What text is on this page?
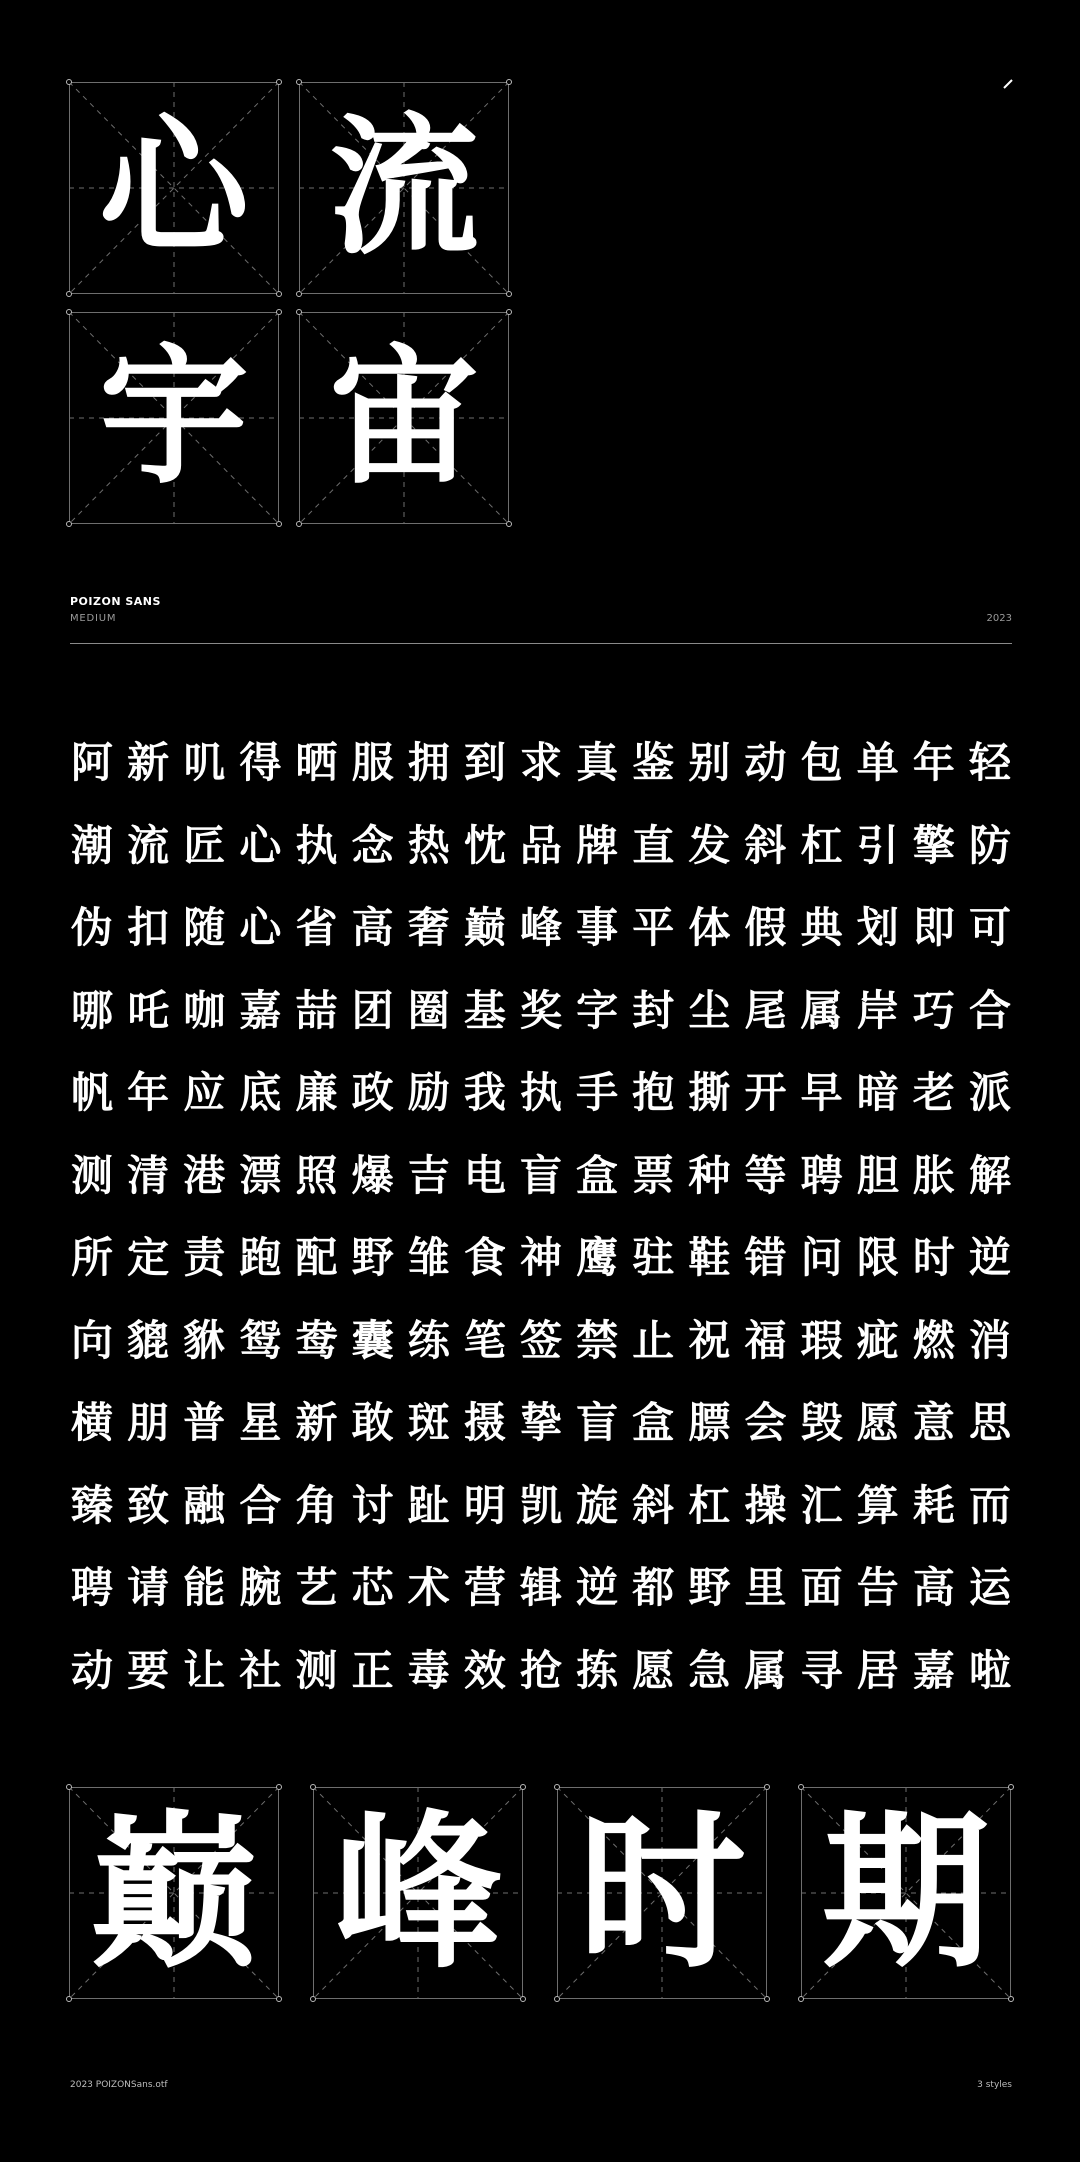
心 流
宇 宙
POIZON SANS
MEDIUM	2023
阿 新 叽 得 晒 服 拥 到 求 真 鉴 别 动 包 单 年 轻
潮 流 匠 心 执 念 热 忱 品 牌 直 发 斜 杠 引 擎 防
伪 扣 随 心 省 高 奢 巅 峰 事 平 体 假 典 划 即 可
哪 吒 咖 嘉 喆 团 圈 基 奖 字 封 尘 尾 属 岸 巧 合
帆 年 应 底 廉 政 励 我 执 手 抱 撕 开 早 暗 老 派
测 清 港 漂 照 爆 吉 电 盲 盒 票 种 等 聘 胆 胀 解
所 定 责 跑 配 野 雏 食 神 鹰 驻 鞋 错 问 限 时 逆
向 貔 貅 鸳 鸯 囊 练 笔 签 禁 止 祝 福 瑕 疵 燃 消
横 朋 普 星 新 敢 斑 摄 挚 盲 盒 膘 会 毁 愿 意 思
臻 致 融 合 角 讨 趾 明 凯 旋 斜 杠 操 汇 算 耗 而
聘 请 能 腕 艺 芯 术 营 辑 逆 都 野 里 面 告 高 运
动 要 让 社 测 正 毒 效 抢 拣 愿 急 属 寻 居 嘉 啦
巅 峰 时 期
2023 POIZONSans.otf	3 styles
